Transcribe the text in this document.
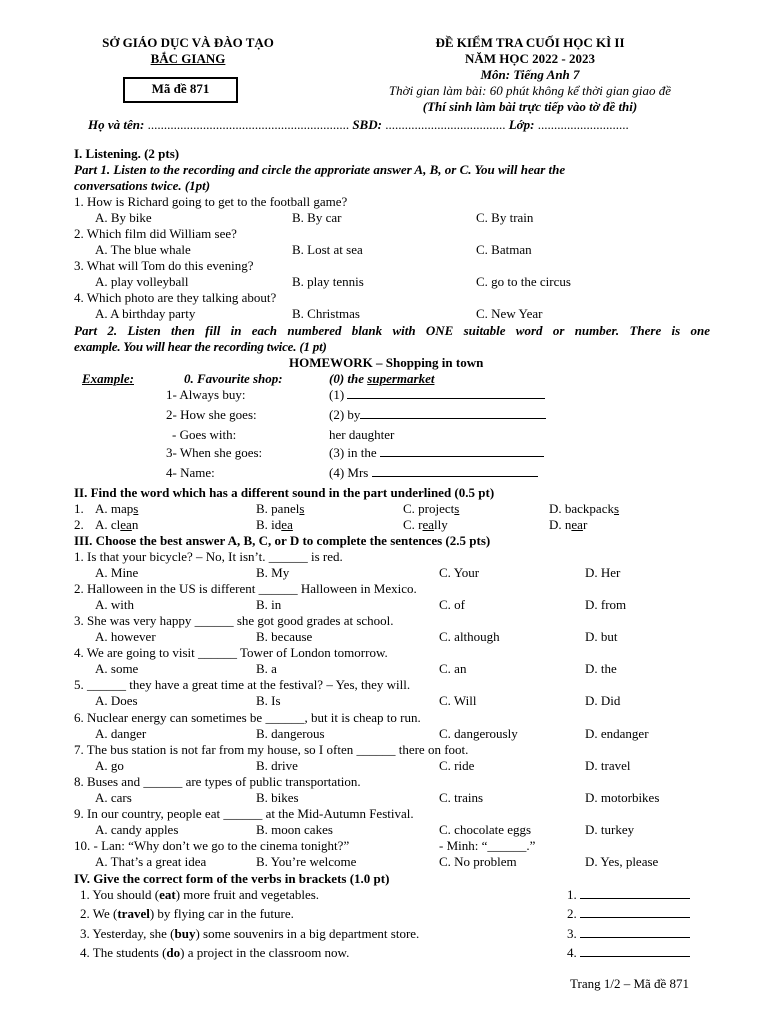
SỞ GIÁO DỤC VÀ ĐÀO TẠO
BẮC GIANG
Mã đề 871
ĐỀ KIỂM TRA CUỐI HỌC KÌ II
NĂM HỌC 2022 - 2023
Môn: Tiếng Anh 7
Thời gian làm bài: 60 phút không kể thời gian giao đề
(Thí sinh làm bài trực tiếp vào tờ đề thi)
Họ và tên: .............................................................. SBD: ..................................... Lớp: ............................
I. Listening. (2 pts)
Part 1. Listen to the recording and circle the approriate answer A, B, or C. You will hear the
conversations twice. (1pt)
1. How is Richard going to get to the football game?
A. By bike	B. By car	C. By train
2. Which film did William see?
A. The blue whale	B. Lost at sea	C. Batman
3. What will Tom do this evening?
A. play volleyball	B. play tennis	C. go to the circus
4. Which photo are they talking about?
A. A birthday party	B. Christmas	C. New Year
Part 2. Listen then fill in each numbered blank with ONE suitable word or number. There is one
example. You will hear the recording twice. (1 pt)
HOMEWORK – Shopping in town
Example:	0. Favourite shop:	(0) the supermarket
1- Always buy:	(1)
2- How she goes:	(2) by
- Goes with:	her daughter
3- When she goes:	(3) in the
4- Name:	(4) Mrs
II. Find the word which has a different sound in the part underlined (0.5 pt)
1. A. maps	B. panels	C. projects	D. backpacks
2. A. clean	B. idea	C. really	D. near
III. Choose the best answer A, B, C, or D to complete the sentences (2.5 pts)
1. Is that your bicycle? – No, It isn’t. ______ is red.
A. Mine	B. My	C. Your	D. Her
2. Halloween in the US is different ______ Halloween in Mexico.
A. with	B. in	C. of	D. from
3. She was very happy ______ she got good grades at school.
A. however	B. because	C. although	D. but
4. We are going to visit ______ Tower of London tomorrow.
A. some	B. a	C. an	D. the
5. ______ they have a great time at the festival? – Yes, they will.
A. Does	B. Is	C. Will	D. Did
6. Nuclear energy can sometimes be ______, but it is cheap to run.
A. danger	B. dangerous	C. dangerously	D. endanger
7. The bus station is not far from my house, so I often ______ there on foot.
A. go	B. drive	C. ride	D. travel
8. Buses and ______ are types of public transportation.
A. cars	B. bikes	C. trains	D. motorbikes
9. In our country, people eat ______ at the Mid-Autumn Festival.
A. candy apples	B. moon cakes	C. chocolate eggs	D. turkey
10. - Lan: “Why don’t we go to the cinema tonight?”	- Minh: “______.”
A. That’s a great idea	B. You’re welcome	C. No problem	D. Yes, please
IV. Give the correct form of the verbs in brackets (1.0 pt)
1. You should (eat) more fruit and vegetables.	1.
2. We (travel) by flying car in the future.	2.
3. Yesterday, she (buy) some souvenirs in a big department store.	3.
4. The students (do) a project in the classroom now.	4.
Trang 1/2 – Mã đề 871
